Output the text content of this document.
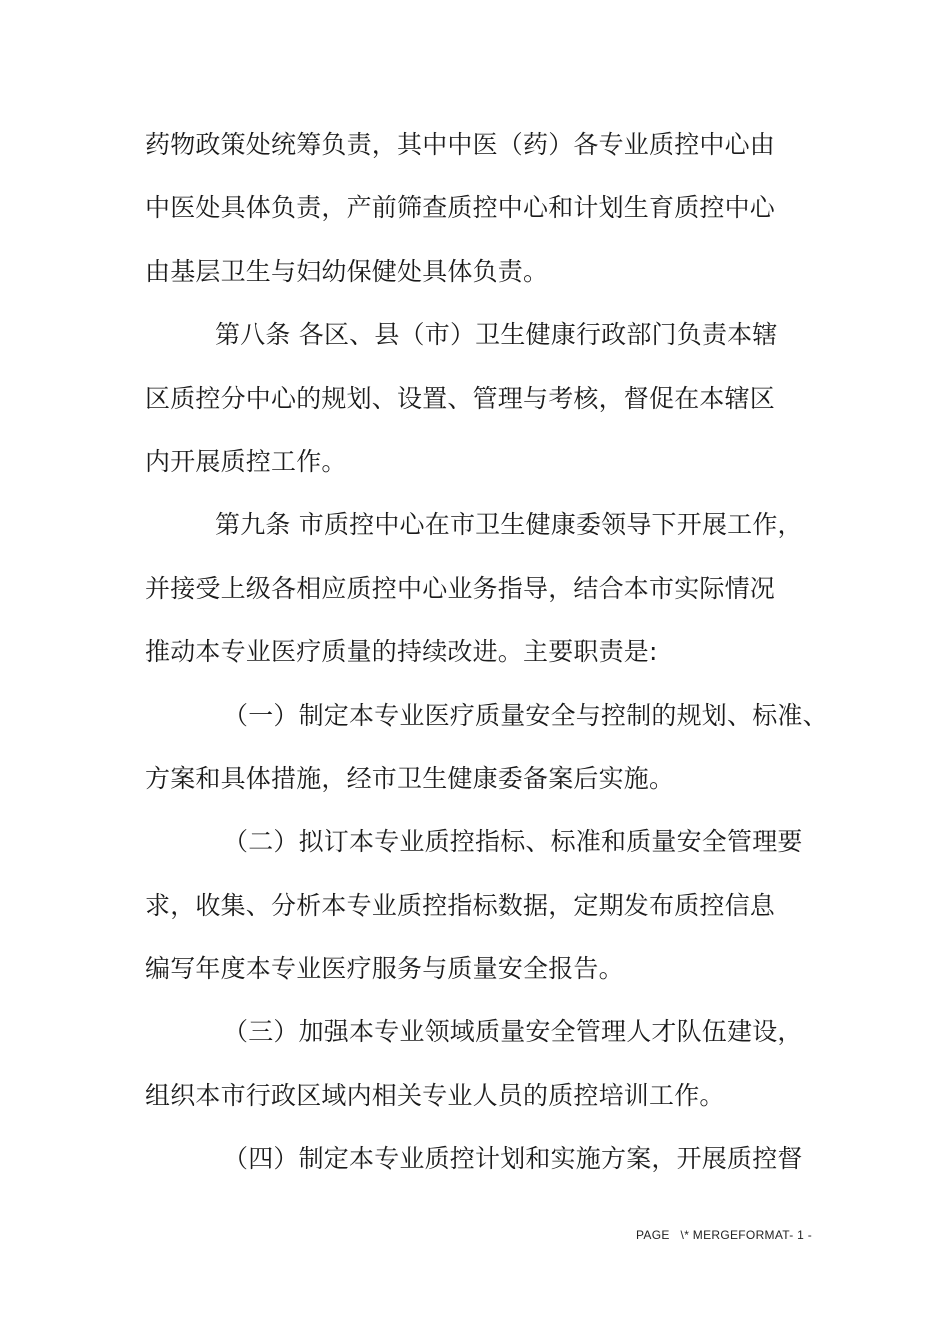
药物政策处统筹负责，其中中医（药）各专业质控中心由
中医处具体负责，产前筛查质控中心和计划生育质控中心
由基层卫生与妇幼保健处具体负责。
第八条 各区、县（市）卫生健康行政部门负责本辖
区质控分中心的规划、设置、管理与考核，督促在本辖区
内开展质控工作。
第九条 市质控中心在市卫生健康委领导下开展工作，
并接受上级各相应质控中心业务指导，结合本市实际情况
推动本专业医疗质量的持续改进。主要职责是:
（一）制定本专业医疗质量安全与控制的规划、标准、
方案和具体措施，经市卫生健康委备案后实施。
（二）拟订本专业质控指标、标准和质量安全管理要
求，收集、分析本专业质控指标数据，定期发布质控信息
编写年度本专业医疗服务与质量安全报告。
（三）加强本专业领域质量安全管理人才队伍建设，
组织本市行政区域内相关专业人员的质控培训工作。
（四）制定本专业质控计划和实施方案，开展质控督
PAGE   \* MERGEFORMAT- 1 -
